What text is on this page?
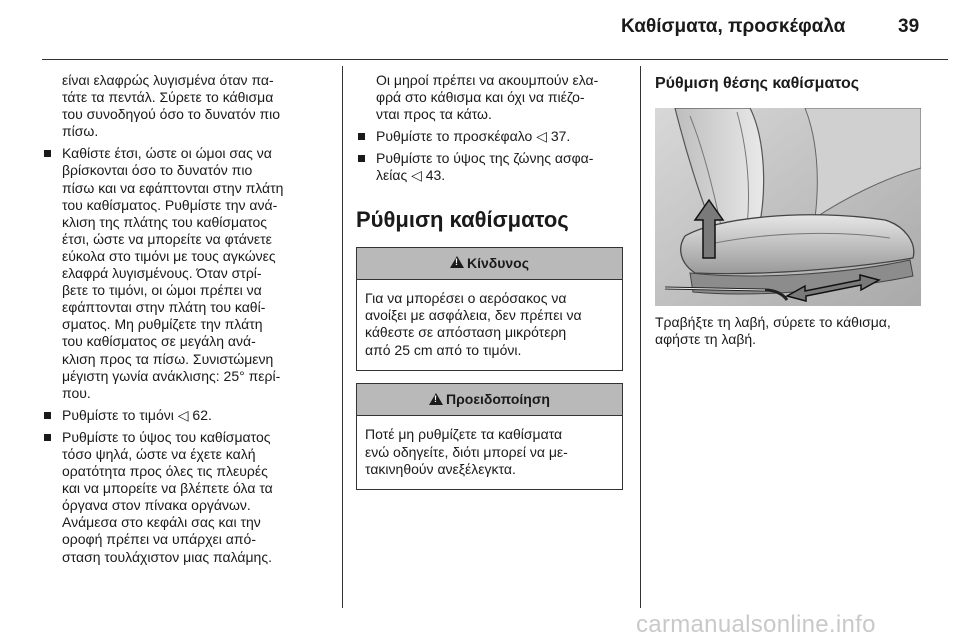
Καθίσματα, προσκέφαλα	39
είναι ελαφρώς λυγισμένα όταν πα-
τάτε τα πεντάλ. Σύρετε το κάθισμα
του συνοδηγού όσο το δυνατόν πιο
πίσω.
Καθίστε έτσι, ώστε οι ώμοι σας να
βρίσκονται όσο το δυνατόν πιο
πίσω και να εφάπτονται στην πλάτη
του καθίσματος. Ρυθμίστε την ανά-
κλιση της πλάτης του καθίσματος
έτσι, ώστε να μπορείτε να φτάνετε
εύκολα στο τιμόνι με τους αγκώνες
ελαφρά λυγισμένους. Όταν στρί-
βετε το τιμόνι, οι ώμοι πρέπει να
εφάπτονται στην πλάτη του καθί-
σματος. Μη ρυθμίζετε την πλάτη
του καθίσματος σε μεγάλη ανά-
κλιση προς τα πίσω. Συνιστώμενη
μέγιστη γωνία ανάκλισης: 25° περί-
που.
Ρυθμίστε το τιμόνι ◁ 62.
Ρυθμίστε το ύψος του καθίσματος
τόσο ψηλά, ώστε να έχετε καλή
ορατότητα προς όλες τις πλευρές
και να μπορείτε να βλέπετε όλα τα
όργανα στον πίνακα οργάνων.
Ανάμεσα στο κεφάλι σας και την
οροφή πρέπει να υπάρχει από-
σταση τουλάχιστον μιας παλάμης.
Οι μηροί πρέπει να ακουμπούν ελα-
φρά στο κάθισμα και όχι να πιέζο-
νται προς τα κάτω.
Ρυθμίστε το προσκέφαλο ◁ 37.
Ρυθμίστε το ύψος της ζώνης ασφα-
λείας ◁ 43.
Ρύθμιση καθίσματος
!
Κίνδυνος
Για να μπορέσει ο αερόσακος να
ανοίξει με ασφάλεια, δεν πρέπει να
κάθεστε σε απόσταση μικρότερη
από 25 cm από το τιμόνι.
!
Προειδοποίηση
Ποτέ μη ρυθμίζετε τα καθίσματα
ενώ οδηγείτε, διότι μπορεί να με-
τακινηθούν ανεξέλεγκτα.
Ρύθμιση θέσης καθίσματος
Τραβήξτε τη λαβή, σύρετε το κάθισμα,
αφήστε τη λαβή.
carmanualsonline.info
